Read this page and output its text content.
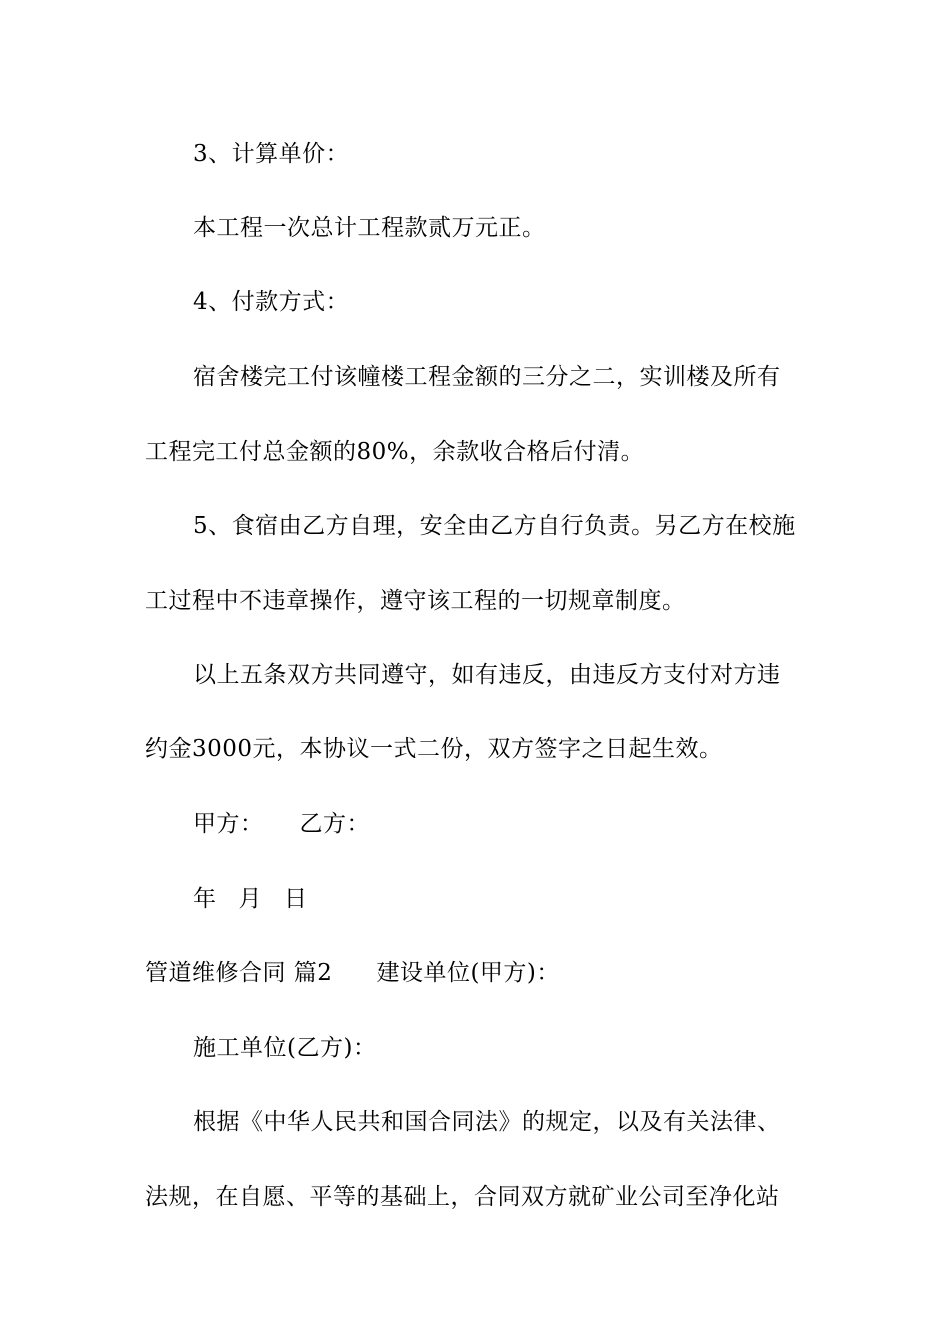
3、计算单价：
本工程一次总计工程款贰万元正。
4、付款方式：
宿舍楼完工付该幢楼工程金额的三分之二，实训楼及所有
工程完工付总金额的80%，余款收合格后付清。
5、食宿由乙方自理，安全由乙方自行负责。另乙方在校施
工过程中不违章操作，遵守该工程的一切规章制度。
以上五条双方共同遵守，如有违反，由违反方支付对方违
约金3000元，本协议一式二份，双方签字之日起生效。
甲方： 乙方：
年 月 日
管道维修合同 篇2 建设单位(甲方)：
施工单位(乙方)：
根据《中华人民共和国合同法》的规定，以及有关法律、
法规，在自愿、平等的基础上，合同双方就矿业公司至净化站
